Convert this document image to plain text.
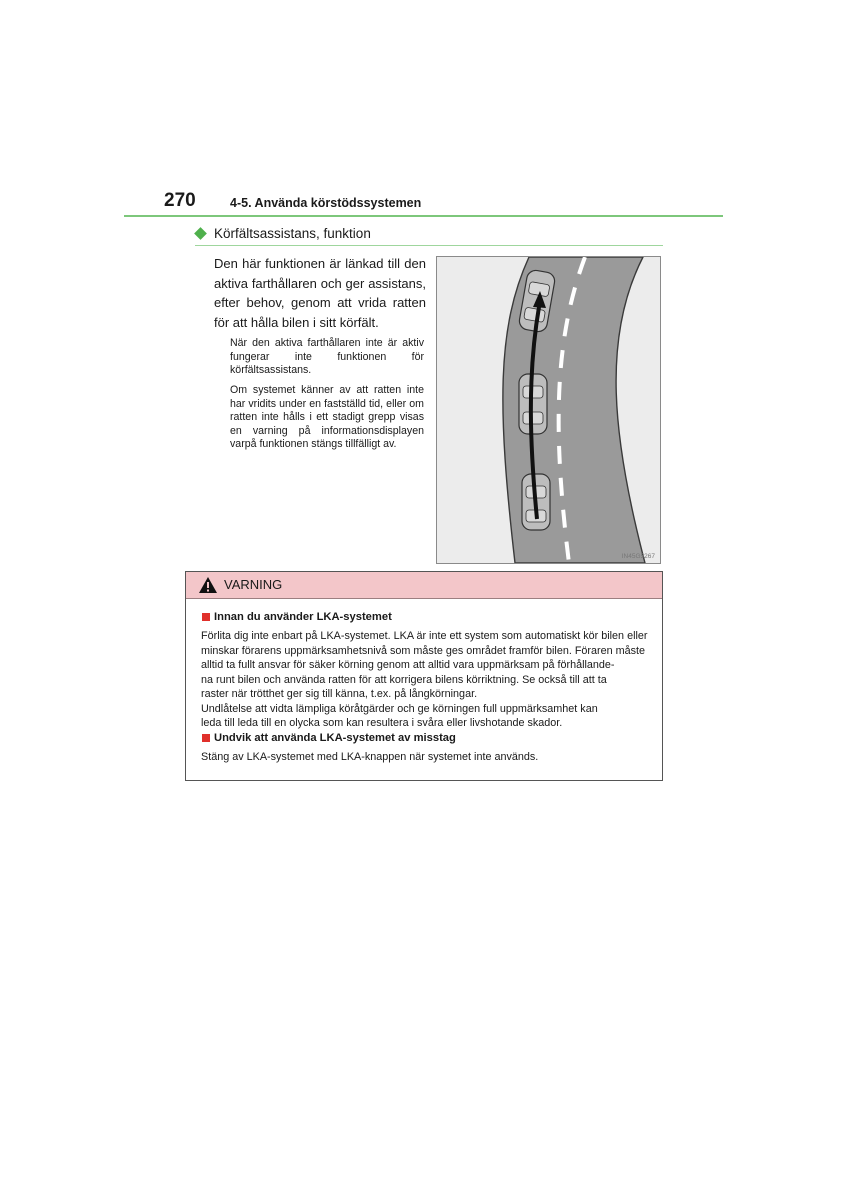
270	4-5. Använda körstödssystemen
Körfältsassistans, funktion
Den här funktionen är länkad till den aktiva farthållaren och ger assistans, efter behov, genom att vrida ratten för att hålla bilen i sitt körfält.
När den aktiva farthållaren inte är aktiv fungerar inte funktionen för körfältsassistans.
Om systemet känner av att ratten inte har vridits under en fastställd tid, eller om ratten inte hålls i ett stadigt grepp visas en varning på informationsdisplayen varpå funktionen stängs tillfälligt av.
IN45G5267
VARNING
Innan du använder LKA-systemet
Förlita dig inte enbart på LKA-systemet. LKA är inte ett system som automatiskt kör bilen eller
minskar förarens uppmärksamhetsnivå som måste ges området framför bilen. Föraren måste
alltid ta fullt ansvar för säker körning genom att alltid vara uppmärksam på förhållande-
na runt bilen och använda ratten för att korrigera bilens körriktning. Se också till att ta
raster när trötthet ger sig till känna, t.ex. på långkörningar.
Undlåtelse att vidta lämpliga köråtgärder och ge körningen full uppmärksamhet kan
leda till leda till en olycka som kan resultera i svåra eller livshotande skador.
Undvik att använda LKA-systemet av misstag
Stäng av LKA-systemet med LKA-knappen när systemet inte används.
